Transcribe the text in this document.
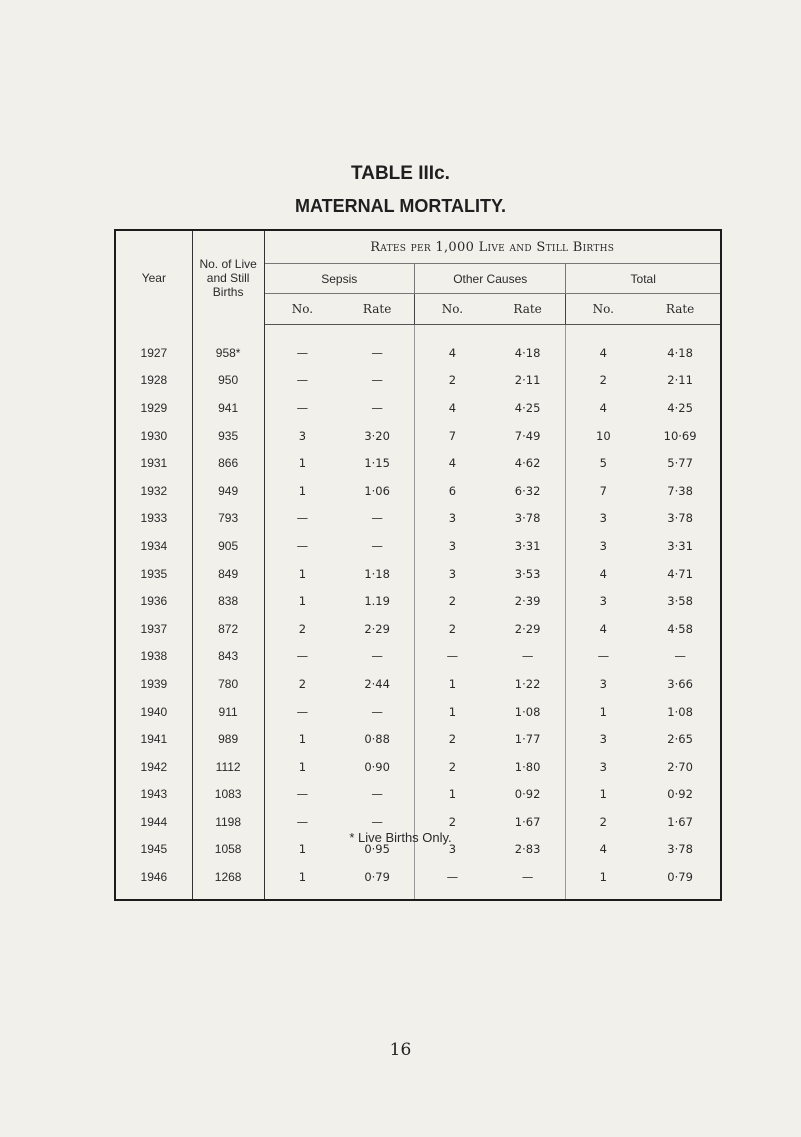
TABLE IIIc.
MATERNAL MORTALITY.
Year	No. of Live and Still Births	Rates per 1,000 Live and Still Births					
		Sepsis		Other Causes		Total	
		No.	Rate	No.	Rate	No.	Rate
1927	958*	—	—	4	4·18	4	4·18
1928	950	—	—	2	2·11	2	2·11
1929	941	—	—	4	4·25	4	4·25
1930	935	3	3·20	7	7·49	10	10·69
1931	866	1	1·15	4	4·62	5	5·77
1932	949	1	1·06	6	6·32	7	7·38
1933	793	—	—	3	3·78	3	3·78
1934	905	—	—	3	3·31	3	3·31
1935	849	1	1·18	3	3·53	4	4·71
1936	838	1	1.19	2	2·39	3	3·58
1937	872	2	2·29	2	2·29	4	4·58
1938	843	—	—	—	—	—	—
1939	780	2	2·44	1	1·22	3	3·66
1940	911	—	—	1	1·08	1	1·08
1941	989	1	0·88	2	1·77	3	2·65
1942	1112	1	0·90	2	1·80	3	2·70
1943	1083	—	—	1	0·92	1	0·92
1944	1198	—	—	2	1·67	2	1·67
1945	1058	1	0·95	3	2·83	4	3·78
1946	1268	1	0·79	—	—	1	0·79
* Live Births Only.
16
